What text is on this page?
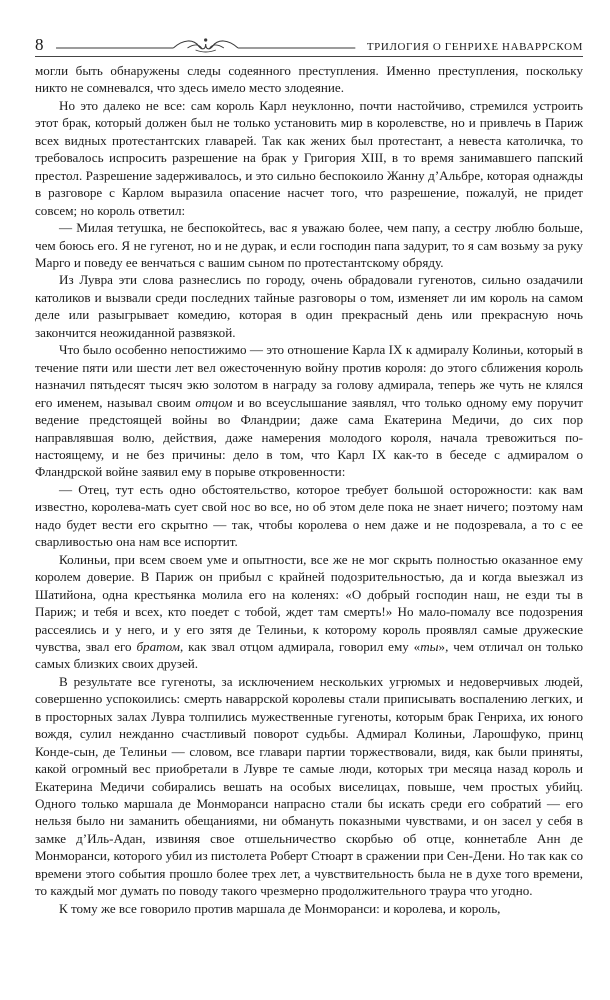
8	ТРИЛОГИЯ О ГЕНРИХЕ НАВАРРСКОМ

могли быть обнаружены следы содеянного преступления. Именно преступления, поскольку никто не сомневался, что здесь имело место злодеяние.

Но это далеко не все: сам король Карл неуклонно, почти настойчиво, стремился устроить этот брак, который должен был не только установить мир в королевстве, но и привлечь в Париж всех видных протестантских главарей. Так как жених был протестант, а невеста католичка, то требовалось испросить разрешение на брак у Григория XIII, в то время занимавшего папский престол. Разрешение задерживалось, и это сильно беспокоило Жанну д’Альбре, которая однажды в разговоре с Карлом выразила опасение насчет того, что разрешение, пожалуй, не придет совсем; но король ответил:

— Милая тетушка, не беспокойтесь, вас я уважаю более, чем папу, а сестру люблю больше, чем боюсь его. Я не гугенот, но и не дурак, и если господин папа задурит, то я сам возьму за руку Марго и поведу ее венчаться с вашим сыном по протестантскому обряду.

Из Лувра эти слова разнеслись по городу, очень обрадовали гугенотов, сильно озадачили католиков и вызвали среди последних тайные разговоры о том, изменяет ли им король на самом деле или разыгрывает комедию, которая в один прекрасный день или прекрасную ночь закончится неожиданной развязкой.

Что было особенно непостижимо — это отношение Карла IX к адмиралу Колиньи, который в течение пяти или шести лет вел ожесточенную войну против короля: до этого сближения король назначил пятьдесят тысяч экю золотом в награду за голову адмирала, теперь же чуть не клялся его именем, называл своим отцом и во всеуслышание заявлял, что только одному ему поручит ведение предстоящей войны во Фландрии; даже сама Екатерина Медичи, до сих пор направлявшая волю, действия, даже намерения молодого короля, начала тревожиться по-настоящему, и не без причины: дело в том, что Карл IX как-то в беседе с адмиралом о Фландрской войне заявил ему в порыве откровенности:

— Отец, тут есть одно обстоятельство, которое требует большой осторожности: как вам известно, королева-мать сует свой нос во все, но об этом деле пока не знает ничего; поэтому нам надо будет вести его скрытно — так, чтобы королева о нем даже и не подозревала, а то с ее сварливостью она нам все испортит.

Колиньи, при всем своем уме и опытности, все же не мог скрыть полностью оказанное ему королем доверие. В Париж он прибыл с крайней подозрительностью, да и когда выезжал из Шатийона, одна крестьянка молила его на коленях: «О добрый господин наш, не езди ты в Париж; и тебя и всех, кто поедет с тобой, ждет там смерть!» Но мало-помалу все подозрения рассеялись и у него, и у его зятя де Телиньи, к которому король проявлял самые дружеские чувства, звал его братом, как звал отцом адмирала, говорил ему «ты», чем отличал он только самых близких своих друзей.

В результате все гугеноты, за исключением нескольких угрюмых и недоверчивых людей, совершенно успокоились: смерть наваррской королевы стали приписывать воспалению легких, и в просторных залах Лувра толпились мужественные гугеноты, которым брак Генриха, их юного вождя, сулил нежданно счастливый поворот судьбы. Адмирал Колиньи, Ларошфуко, принц Конде-сын, де Телиньи — словом, все главари партии торжествовали, видя, как были приняты, какой огромный вес приобретали в Лувре те самые люди, которых три месяца назад король и Екатерина Медичи собирались вешать на особых виселицах, повыше, чем простых убийц. Одного только маршала де Монморанси напрасно стали бы искать среди его собратий — его нельзя было ни заманить обещаниями, ни обмануть показными чувствами, и он засел у себя в замке д’Иль-Адан, извиняя свое отшельничество скорбью об отце, коннетабле Анн де Монморанси, которого убил из пистолета Роберт Стюарт в сражении при Сен-Дени. Но так как со времени этого события прошло более трех лет, а чувствительность была не в духе того времени, то каждый мог думать по поводу такого чрезмерно продолжительного траура что угодно.

К тому же все говорило против маршала де Монморанси: и королева, и король,
